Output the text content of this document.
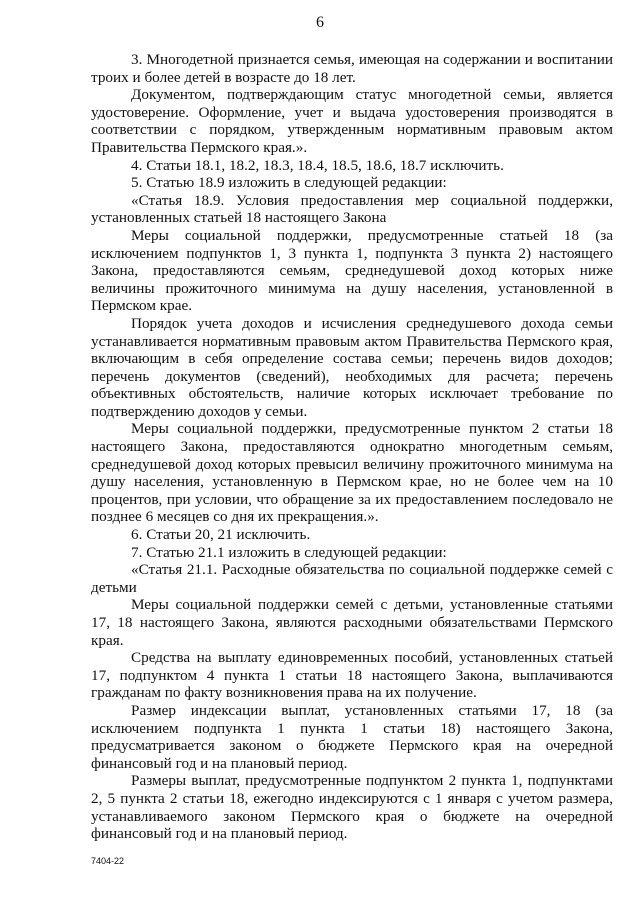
6

3. Многодетной признается семья, имеющая на содержании и воспитании троих и более детей в возрасте до 18 лет.

Документом, подтверждающим статус многодетной семьи, является удостоверение. Оформление, учет и выдача удостоверения производятся в соответствии с порядком, утвержденным нормативным правовым актом Правительства Пермского края.».

4. Статьи 18.1, 18.2, 18.3, 18.4, 18.5, 18.6, 18.7 исключить.

5. Статью 18.9 изложить в следующей редакции:

«Статья 18.9. Условия предоставления мер социальной поддержки, установленных статьей 18 настоящего Закона

Меры социальной поддержки, предусмотренные статьей 18 (за исключением подпунктов 1, 3 пункта 1, подпункта 3 пункта 2) настоящего Закона, предоставляются семьям, среднедушевой доход которых ниже величины прожиточного минимума на душу населения, установленной в Пермском крае.

Порядок учета доходов и исчисления среднедушевого дохода семьи устанавливается нормативным правовым актом Правительства Пермского края, включающим в себя определение состава семьи; перечень видов доходов; перечень документов (сведений), необходимых для расчета; перечень объективных обстоятельств, наличие которых исключает требование по подтверждению доходов у семьи.

Меры социальной поддержки, предусмотренные пунктом 2 статьи 18 настоящего Закона, предоставляются однократно многодетным семьям, среднедушевой доход которых превысил величину прожиточного минимума на душу населения, установленную в Пермском крае, но не более чем на 10 процентов, при условии, что обращение за их предоставлением последовало не позднее 6 месяцев со дня их прекращения.».

6. Статьи 20, 21 исключить.

7. Статью 21.1 изложить в следующей редакции:

«Статья 21.1. Расходные обязательства по социальной поддержке семей с детьми

Меры социальной поддержки семей с детьми, установленные статьями 17, 18 настоящего Закона, являются расходными обязательствами Пермского края.

Средства на выплату единовременных пособий, установленных статьей 17, подпунктом 4 пункта 1 статьи 18 настоящего Закона, выплачиваются гражданам по факту возникновения права на их получение.

Размер индексации выплат, установленных статьями 17, 18 (за исключением подпункта 1 пункта 1 статьи 18) настоящего Закона, предусматривается законом о бюджете Пермского края на очередной финансовый год и на плановый период.

Размеры выплат, предусмотренные подпунктом 2 пункта 1, подпунктами 2, 5 пункта 2 статьи 18, ежегодно индексируются с 1 января с учетом размера, устанавливаемого законом Пермского края о бюджете на очередной финансовый год и на плановый период.

7404-22
